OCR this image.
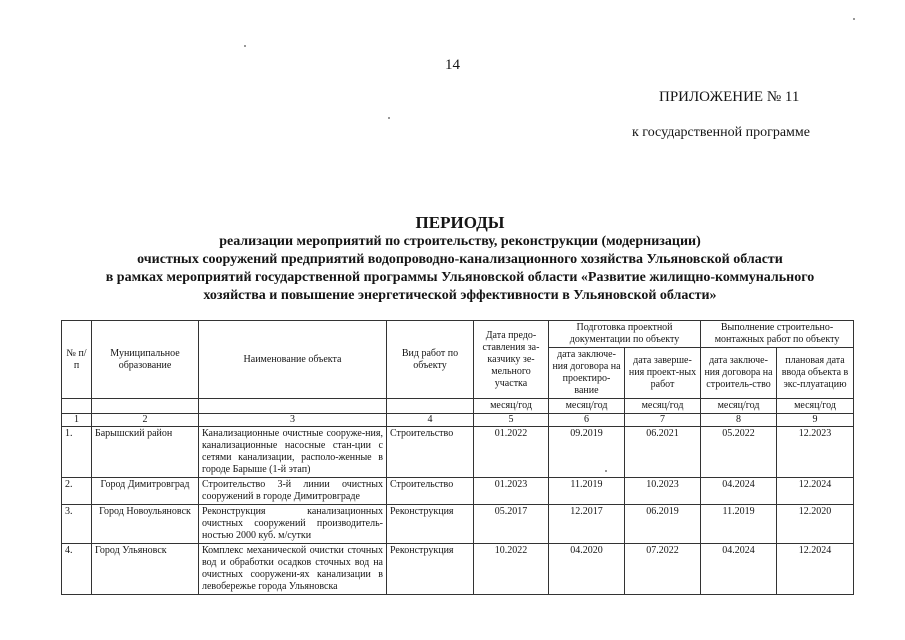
14
ПРИЛОЖЕНИЕ № 11
к государственной программе
ПЕРИОДЫ
реализации мероприятий по строительству, реконструкции (модернизации)
очистных сооружений предприятий водопроводно-канализационного хозяйства Ульяновской области
в рамках мероприятий государственной программы Ульяновской области «Развитие жилищно-коммунального
хозяйства и повышение энергетической эффективности в Ульяновской области»
№ п/п	Муниципальное образование	Наименование объекта	Вид работ по объекту	Дата предо-ставления за-казчику зе-мельного участка	Подготовка проектной документации по объекту		Выполнение строительно-монтажных работ по объекту	
					дата заключе-ния договора на проектиро-вание	дата заверше-ния проект-ных работ	дата заключе-ния договора на строитель-ство	плановая дата ввода объекта в экс-плуатацию
				месяц/год	месяц/год	месяц/год	месяц/год	месяц/год
1	2	3	4	5	6	7	8	9
1.	Барышский район	Канализационные очистные сооруже-ния, канализационные насосные стан-ции с сетями канализации, располо-женные в городе Барыше (1-й этап)	Строительство	01.2022	09.2019	06.2021	05.2022	12.2023
2.	Город Димитровград	Строительство 3-й линии очистных сооружений в городе Димитровграде	Строительство	01.2023	11.2019	10.2023	04.2024	12.2024
3.	Город Новоульяновск	Реконструкция канализационных очистных сооружений производитель-ностью 2000 куб. м/сутки	Реконструкция	05.2017	12.2017	06.2019	11.2019	12.2020
4.	Город Ульяновск	Комплекс механической очистки сточных вод и обработки осадков сточных вод на очистных сооружени-ях канализации в левобережье города Ульяновска	Реконструкция	10.2022	04.2020	07.2022	04.2024	12.2024
